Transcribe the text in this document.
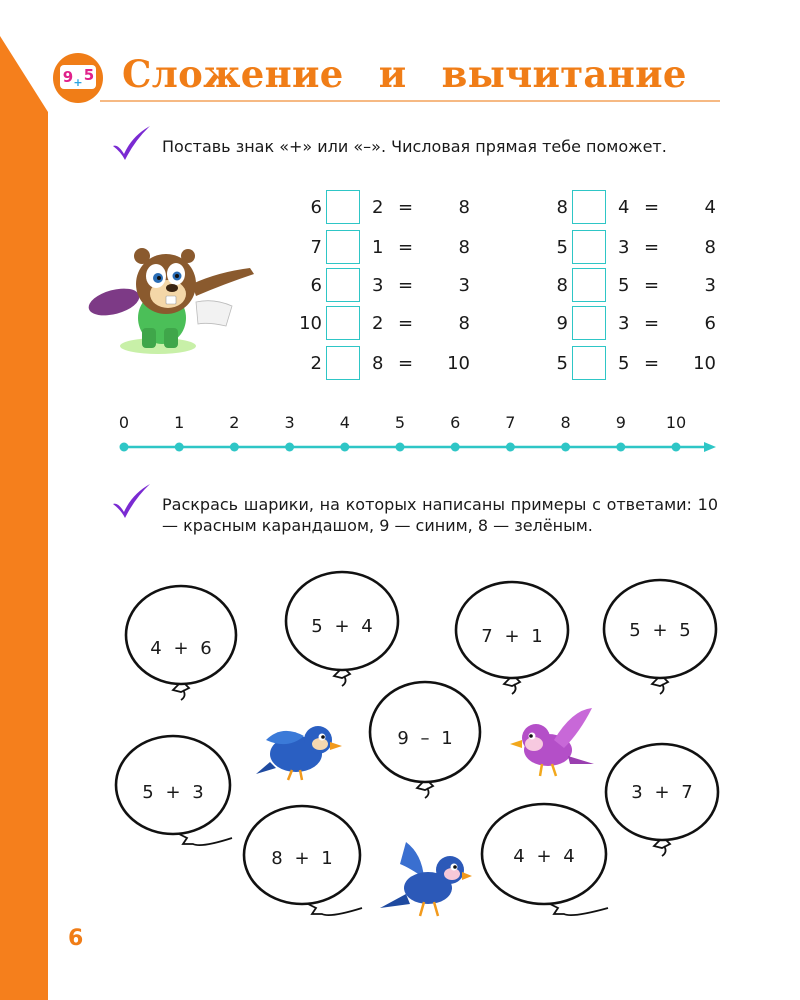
9 + 5 Сложение и вычитание

Поставь знак «+» или «–». Числовая прямая тебе поможет.

6	2 =	8
7	1 =	8
6	3 =	3
10	2 =	8
2	8 = 10
8	4 =	4
5	3 =	8
8	5 =	3
9	3 =	6
5	5 = 10
0	1	2	3	4	5	6	7	8	9 10

Раскрась шарики, на которых написаны примеры с ответами: 10 — красным карандашом, 9 — синим, 8 — зелёным.

4 + 6
5 + 4	7 + 1	5 + 5
9 – 1
5 + 3	3 + 7
8 + 1	4 + 4
6
